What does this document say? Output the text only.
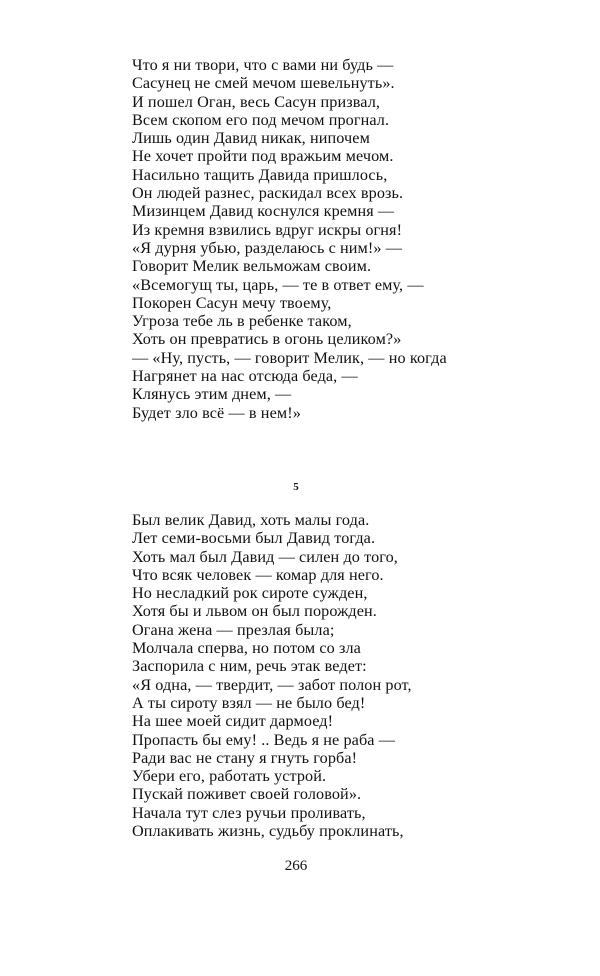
Что я ни твори, что с вами ни будь —
Сасунец не смей мечом шевельнуть».
И пошел Оган, весь Сасун призвал,
Всем скопом его под мечом прогнал.
Лишь один Давид никак, нипочем
Не хочет пройти под вражьим мечом.
Насильно тащить Давида пришлось,
Он людей разнес, раскидал всех врозь.
Мизинцем Давид коснулся кремня —
Из кремня взвились вдруг искры огня!
«Я дурня убью, разделаюсь с ним!» —
Говорит Мелик вельможам своим.
«Всемогущ ты, царь, — те в ответ ему, —
Покорен Сасун мечу твоему,
Угроза тебе ль в ребенке таком,
Хоть он превратись в огонь целиком?»
— «Ну, пусть, — говорит Мелик, — но когда
Нагрянет на нас отсюда беда, —
Клянусь этим днем, —
Будет зло всё — в нем!»
5
Был велик Давид, хоть малы года.
Лет семи-восьми был Давид тогда.
Хоть мал был Давид — силен до того,
Что всяк человек — комар для него.
Но несладкий рок сироте сужден,
Хотя бы и львом он был порожден.
Огана жена — презлая была;
Молчала сперва, но потом со зла
Заспорила с ним, речь этак ведет:
«Я одна, — твердит, — забот полон рот,
А ты сироту взял — не было бед!
На шее моей сидит дармоед!
Пропасть бы ему! .. Ведь я не раба —
Ради вас не стану я гнуть горба!
Убери его, работать устрой.
Пускай поживет своей головой».
Начала тут слез ручьи проливать,
Оплакивать жизнь, судьбу проклинать,
266
